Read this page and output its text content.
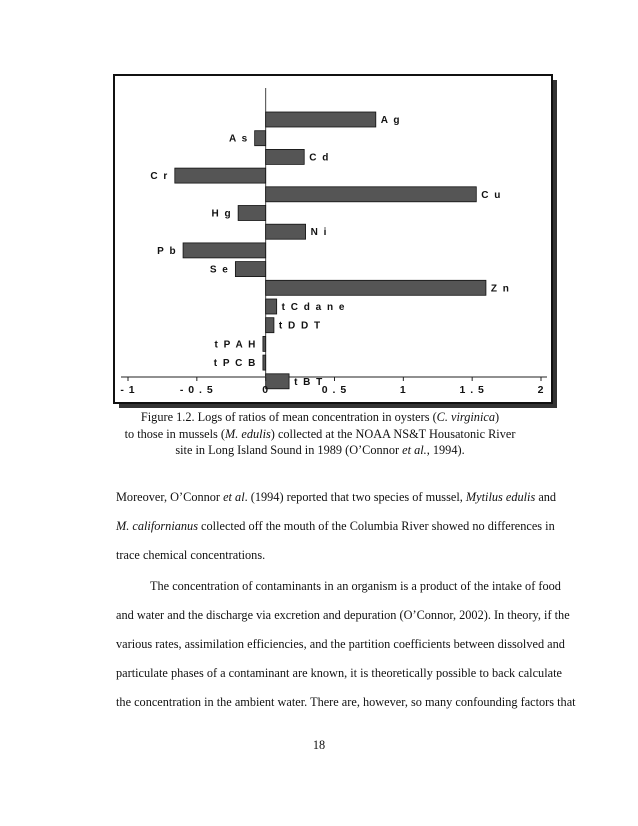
A g
A s
C d
C r
C u
H g
N i
P b
S e
Z n
t C d a n e
t D D T
t P A H
t P C B
t B T
- 1	- 0 . 5	0	0 . 5	1	1 . 5	2

Figure 1.2. Logs of ratios of mean concentration in oysters (C. virginica)

to those in mussels (M. edulis) collected at the NOAA NS&T Housatonic River

site in Long Island Sound in 1989 (O’Connor et al., 1994).

Moreover, O’Connor et al. (1994) reported that two species of mussel, Mytilus edulis and

M. californianus collected off the mouth of the Columbia River showed no differences in

trace chemical concentrations.

The concentration of contaminants in an organism is a product of the intake of food

and water and the discharge via excretion and depuration (O’Connor, 2002). In theory, if the

various rates, assimilation efficiencies, and the partition coefficients between dissolved and

particulate phases of a contaminant are known, it is theoretically possible to back calculate

the concentration in the ambient water. There are, however, so many confounding factors that

18
